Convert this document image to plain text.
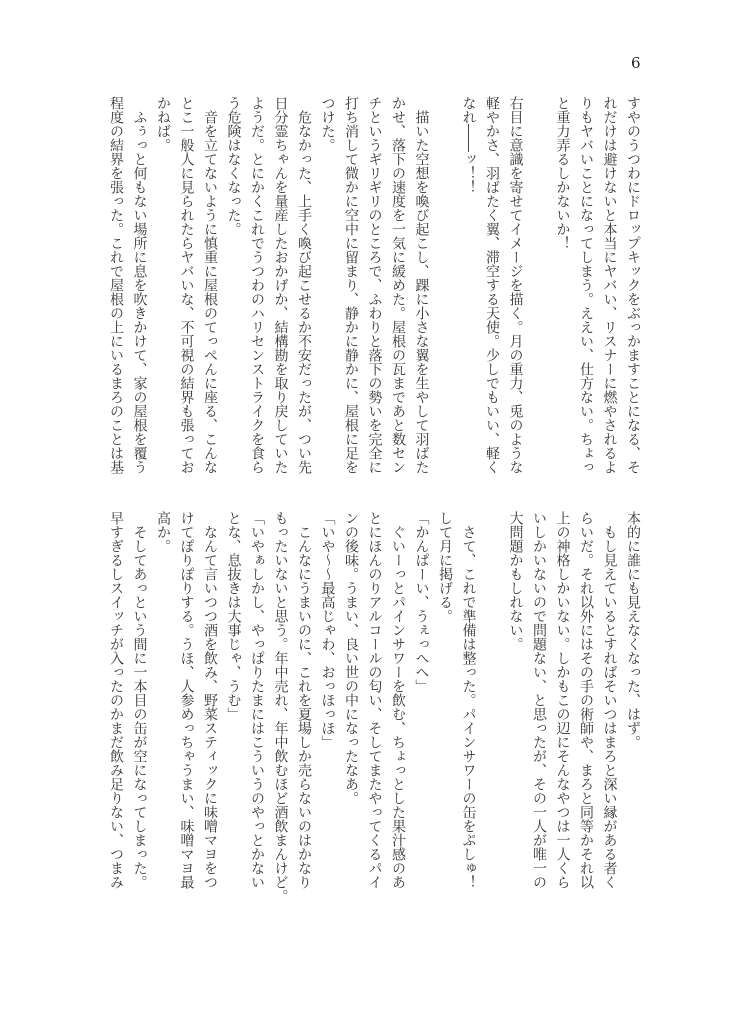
6
すやのうつわにドロップキックをぶっかますことになる、そ
れだけは避けないと本当にヤバい、リスナーに燃やされるよ
りもヤバいことになってしまう。ええい、仕方ない。ちょっ
と重力弄るしかないか！
右目に意識を寄せてイメージを描く。月の重力、兎のような
軽やかさ、羽ばたく翼、滞空する天使。少しでもいい、軽く
なれ――ッ！！
　描いた空想を喚び起こし、踝に小さな翼を生やして羽ばた
かせ、落下の速度を一気に緩めた。屋根の瓦まであと数セン
チというギリギリのところで、ふわりと落下の勢いを完全に
打ち消して微かに空中に留まり、静かに静かに、屋根に足を
つけた。
　危なかった、上手く喚び起こせるか不安だったが、つい先
日分霊ちゃんを量産したおかげか、結構勘を取り戻していた
ようだ。とにかくこれでうつわのハリセンストライクを食ら
う危険はなくなった。
　音を立てないように慎重に屋根のてっぺんに座る、こんな
とこ一般人に見られたらヤバいな、不可視の結界も張ってお
かねば。
　ふぅっと何もない場所に息を吹きかけて、家の屋根を覆う
程度の結界を張った。これで屋根の上にいるまろのことは基
本的に誰にも見えなくなった、はず。
　もし見えているとすればそいつはまろと深い縁がある者く
らいだ。それ以外にはその手の術師や、まろと同等かそれ以
上の神格しかいない。しかもこの辺にそんなやつは一人くら
いしかいないので問題ない、と思ったが、その一人が唯一の
大問題かもしれない。
　さて、これで準備は整った。パインサワーの缶をぷしゅ！
して月に掲げる。
「かんぱーい、うぇっへへ」
　ぐいーっとパインサワーを飲む、ちょっとした果汁感のあ
とにほんのりアルコールの匂い、そしてまたやってくるパイ
ンの後味。うまい、良い世の中になったなあ。
「いや～～最高じゃわ、おっほっほ」
　こんなにうまいのに、これを夏場しか売らないのはかなり
もったいないと思う。年中売れ、年中飲むほど酒飲まんけど。
「いやぁしかし、やっぱりたまにはこういうのやっとかない
とな、息抜きは大事じゃ、うむ」
　なんて言いつつ酒を飲み、野菜スティックに味噌マヨをつ
けてぽりぽりする。うほ、人参めっちゃうまい、味噌マヨ最
高か。
　そしてあっという間に一本目の缶が空になってしまった。
早すぎるしスイッチが入ったのかまだ飲み足りない、つまみ
